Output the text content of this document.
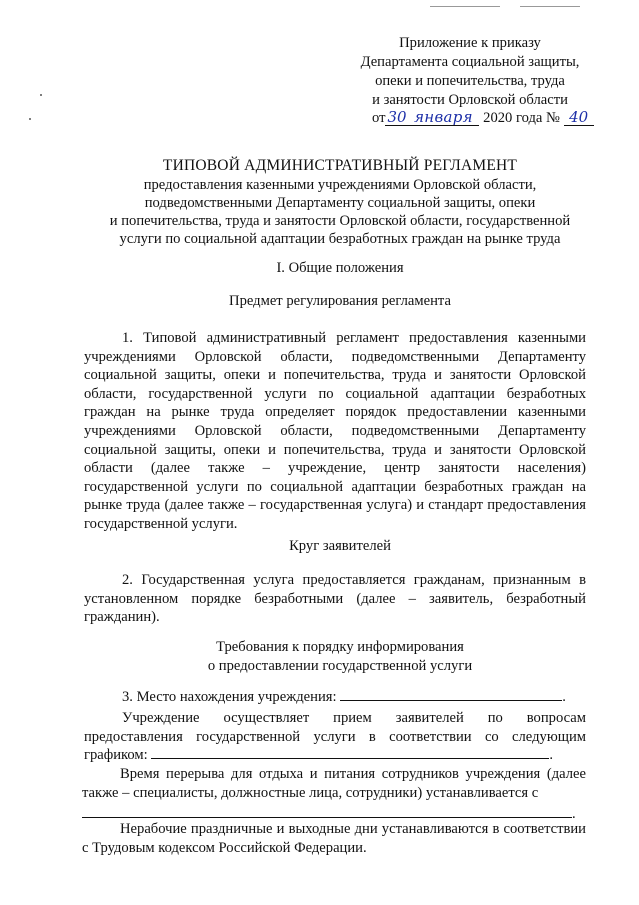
Приложение к приказу
Департамента социальной защиты,
опеки и попечительства, труда
и занятости Орловской области
от 30 января 2020 года № 40
ТИПОВОЙ АДМИНИСТРАТИВНЫЙ РЕГЛАМЕНТ
предоставления казенными учреждениями Орловской области,
подведомственными Департаменту социальной защиты, опеки
и попечительства, труда и занятости Орловской области, государственной
услуги по социальной адаптации безработных граждан на рынке труда
I. Общие положения
Предмет регулирования регламента
1. Типовой административный регламент предоставления казенными учреждениями Орловской области, подведомственными Департаменту социальной защиты, опеки и попечительства, труда и занятости Орловской области, государственной услуги по социальной адаптации безработных граждан на рынке труда определяет порядок предоставлении казенными учреждениями Орловской области, подведомственными Департаменту социальной защиты, опеки и попечительства, труда и занятости Орловской области (далее также – учреждение, центр занятости населения) государственной услуги по социальной адаптации безработных граждан на рынке труда (далее также – государственная услуга) и стандарт предоставления государственной услуги.
Круг заявителей
2. Государственная услуга предоставляется гражданам, признанным в установленном порядке безработными (далее – заявитель, безработный гражданин).
Требования к порядку информирования
о предоставлении государственной услуги
3. Место нахождения учреждения:	.
Учреждение осуществляет прием заявителей по вопросам предоставления государственной услуги в соответствии со следующим графиком:	.
Время перерыва для отдыха и питания сотрудников учреждения (далее также – специалисты, должностные лица, сотрудники) устанавливается с
.
Нерабочие праздничные и выходные дни устанавливаются в соответствии с Трудовым кодексом Российской Федерации.
